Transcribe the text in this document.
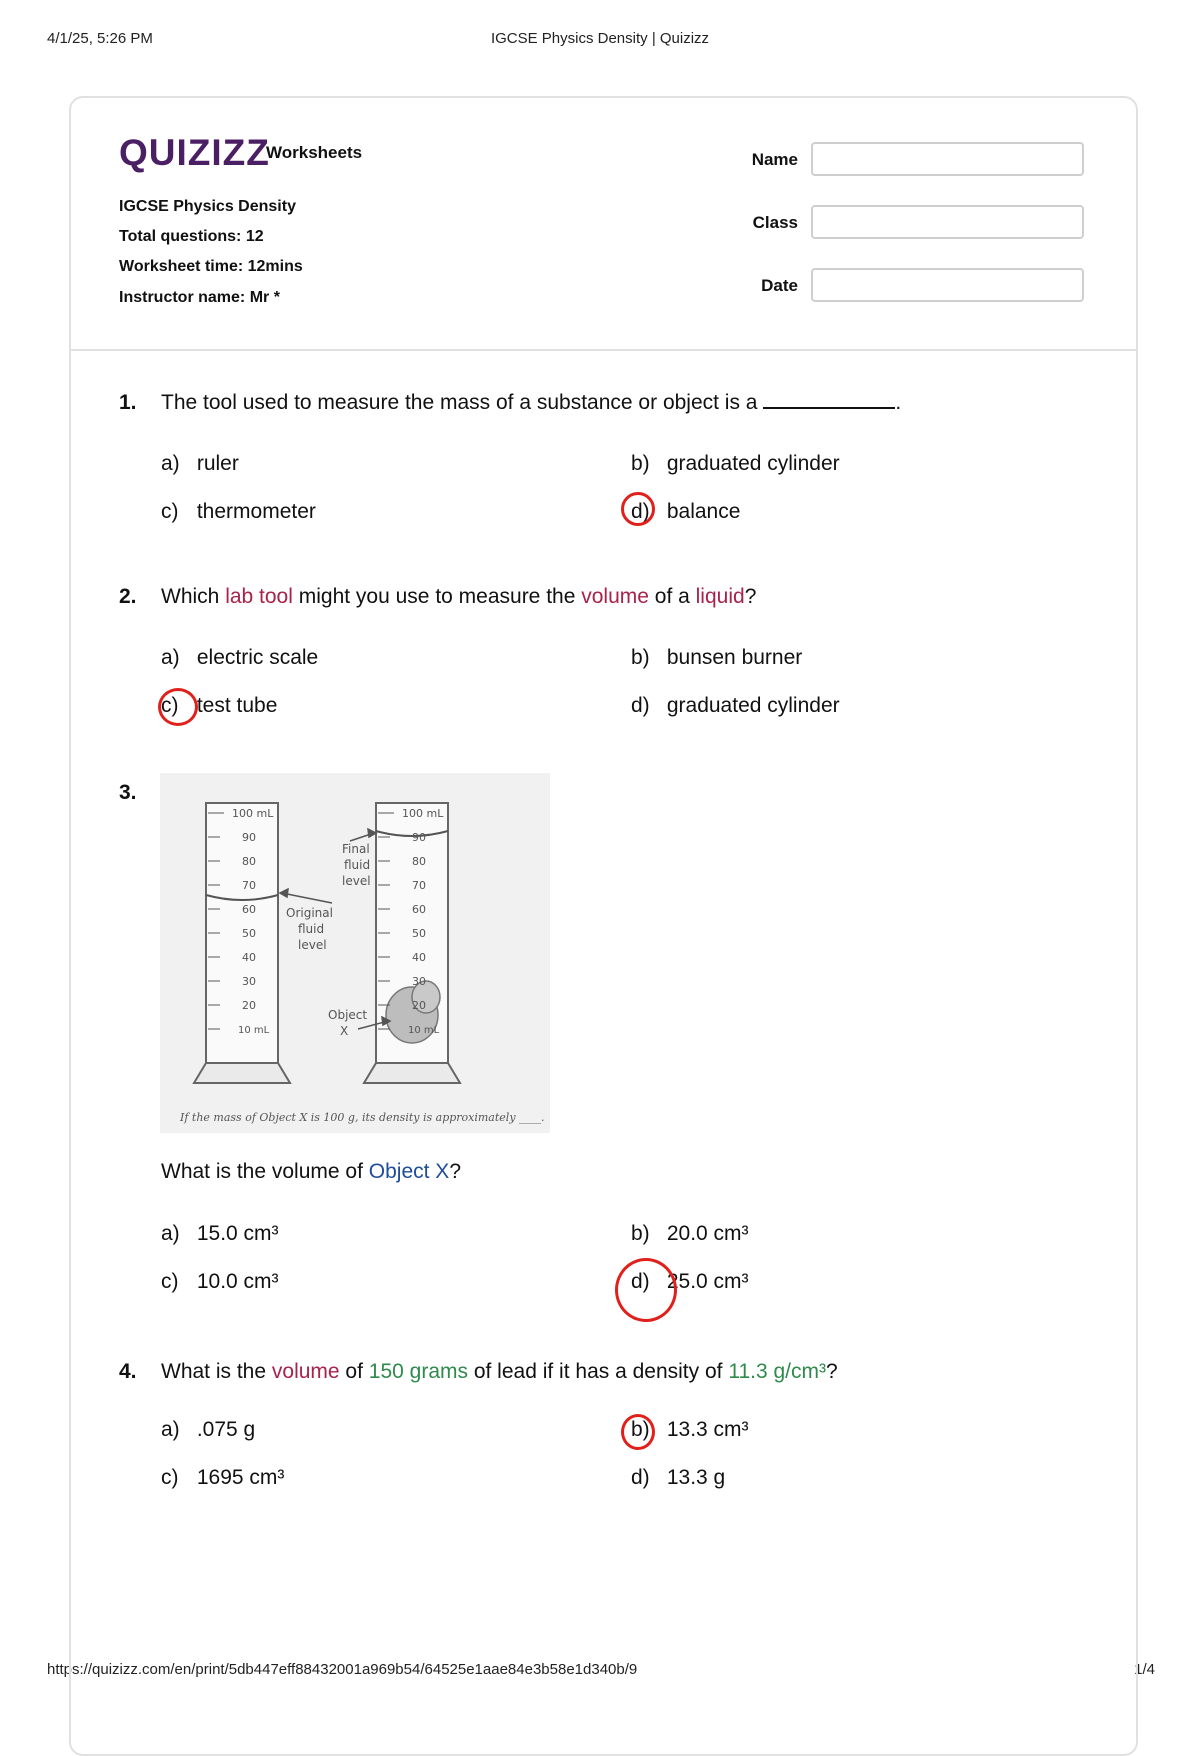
4/1/25, 5:26 PM	IGCSE Physics Density | Quizizz
https://quizizz.com/en/print/5db447eff88432001a969b54/64525e1aae84e3b58e1d340b/9	1/4
QUIZIZZ
Worksheets
IGCSE Physics Density
Total questions: 12
Worksheet time: 12mins
Instructor name: Mr *
Name
Class
Date
1. The tool used to measure the mass of a substance or object is a	.
a) ruler	b) graduated cylinder
c) thermometer	d) balance
2. Which lab tool might you use to measure the volume of a liquid?
a) electric scale	b) bunsen burner
c) test tube	d) graduated cylinder
3.
100 mL
90
80
70
60
50
40
30
20
10 mL
100 mL
90
80
70
60
50
40
30
20
10 mL
Original
fluid
level
Final
fluid
level
Object
X
If the mass of Object X is 100 g, its density is approximately ____.
What is the volume of Object X?
a) 15.0 cm³	b) 20.0 cm³
c) 10.0 cm³	d) 25.0 cm³
4. What is the volume of 150 grams of lead if it has a density of 11.3 g/cm³?
a) .075 g	b) 13.3 cm³
c) 1695 cm³	d) 13.3 g
